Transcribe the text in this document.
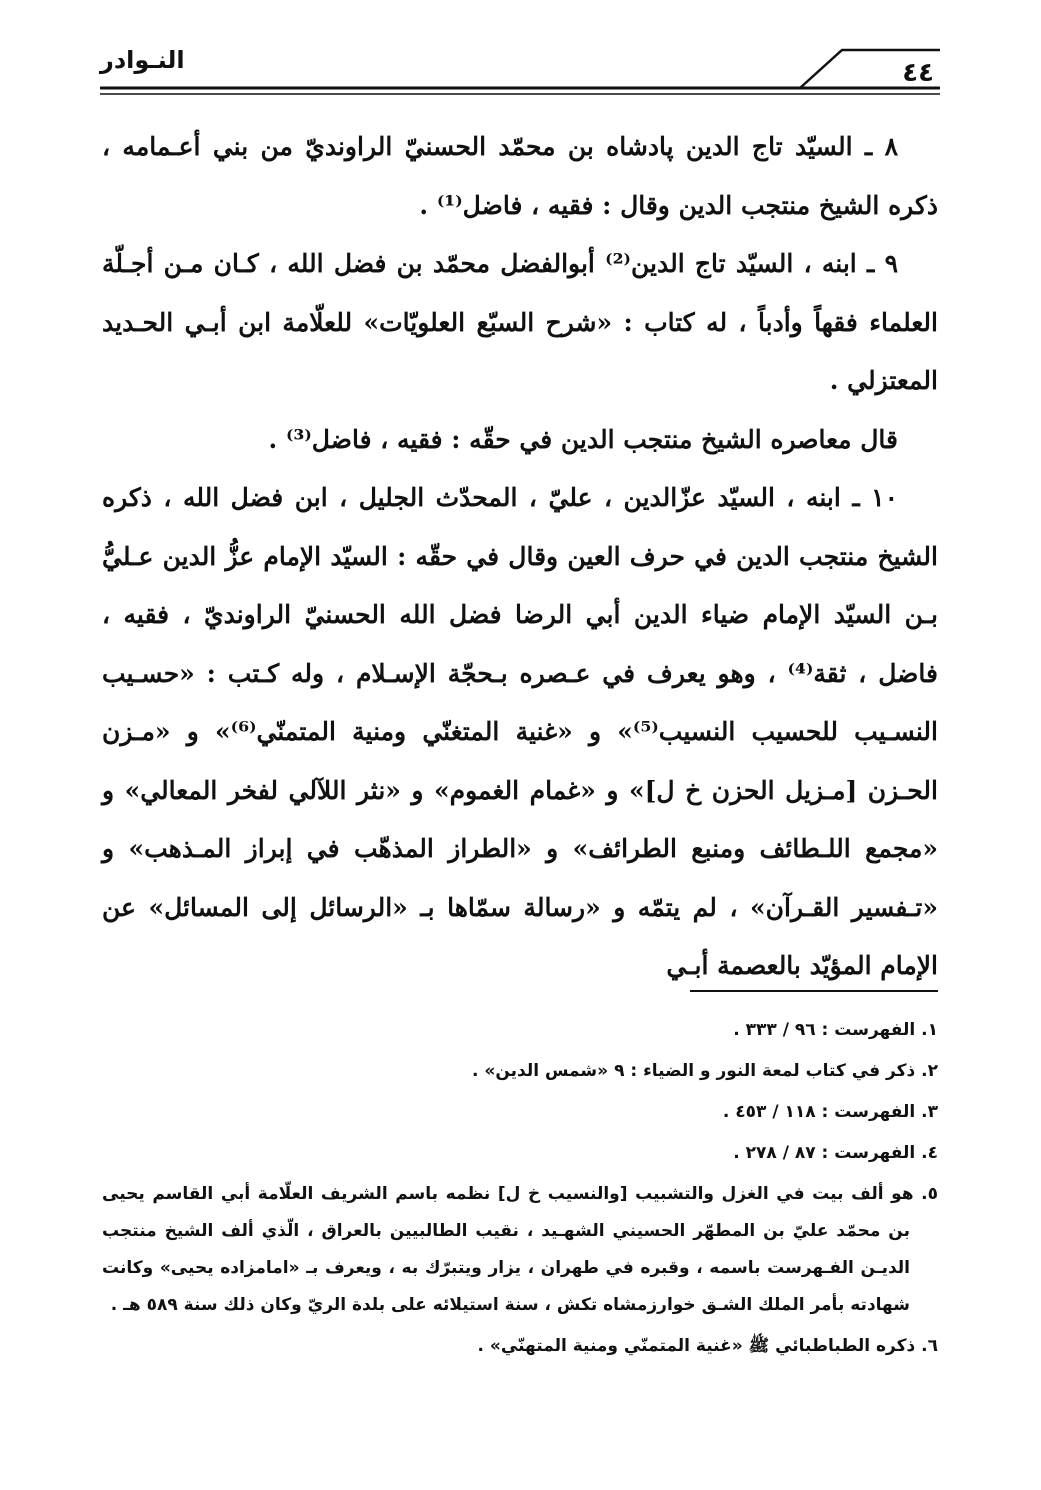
النـوادر	٤٤

٨ ـ السيّد تاج الدين پادشاه بن محمّد الحسنيّ الراونديّ من بني أعـمامه ، ذكره الشيخ منتجب الدين وقال : فقيه ، فاضل⁽¹⁾ .

٩ ـ ابنه ، السيّد تاج الدين⁽²⁾ أبوالفضل محمّد بن فضل الله ، كـان مـن أجـلّة العلماء فقهاً وأدباً ، له كتاب : «شرح السبّع العلويّات» للعلّامة ابن أبـي الحـديد المعتزلي .

قال معاصره الشيخ منتجب الدين في حقّه : فقيه ، فاضل⁽³⁾ .

١٠ ـ ابنه ، السيّد عزّالدين ، عليّ ، المحدّث الجليل ، ابن فضل الله ، ذكره الشيخ منتجب الدين في حرف العين وقال في حقّه : السيّد الإمام عزُّ الدين عـليُّ بـن السيّد الإمام ضياء الدين أبي الرضا فضل الله الحسنيّ الراونديّ ، فقيه ، فاضل ، ثقة⁽⁴⁾ ، وهو يعرف في عـصره بـحجّة الإسـلام ، وله كـتب : «حسـيب النسـيب للحسيب النسيب⁽⁵⁾» و «غنية المتغنّي ومنية المتمنّي⁽⁶⁾» و «مـزن الحـزن [مـزيل الحزن خ ل]» و «غمام الغموم» و «نثر اللآلي لفخر المعالي» و «مجمع اللـطائف ومنبع الطرائف» و «الطراز المذهّب في إبراز المـذهب» و «تـفسير القـرآن» ، لم يتمّه و «رسالة سمّاها بـ «الرسائل إلى المسائل» عن الإمام المؤيّد بالعصمة أبـي

١. الفهرست : ٩٦ / ٣٣٣ .
٢. ذكر في كتاب لمعة النور و الضياء : ٩ «شمس الدين» .
٣. الفهرست : ١١٨ / ٤٥٣ .
٤. الفهرست : ٨٧ / ٢٧٨ .
٥. هو ألف بيت في الغزل والتشبيب [والنسيب خ ل] نظمه باسم الشريف العلّامة أبي القاسم يحيى بن محمّد عليّ بن المطهّر الحسيني الشهـيد ، نقيب الطالبيين بالعراق ، الّذي ألف الشيخ منتجب الديـن الفـهرست باسمه ، وقبره في طهران ، يزار ويتبرّك به ، ويعرف بـ «امامزاده يحيى» وكانت شهادته بأمر الملك الشـق خوارزمشاه تكش ، سنة استيلائه على بلدة الريّ وكان ذلك سنة ٥٨٩ هـ .
٦. ذكره الطباطبائي ﷺ «غنية المتمنّي ومنية المتهنّي» .
